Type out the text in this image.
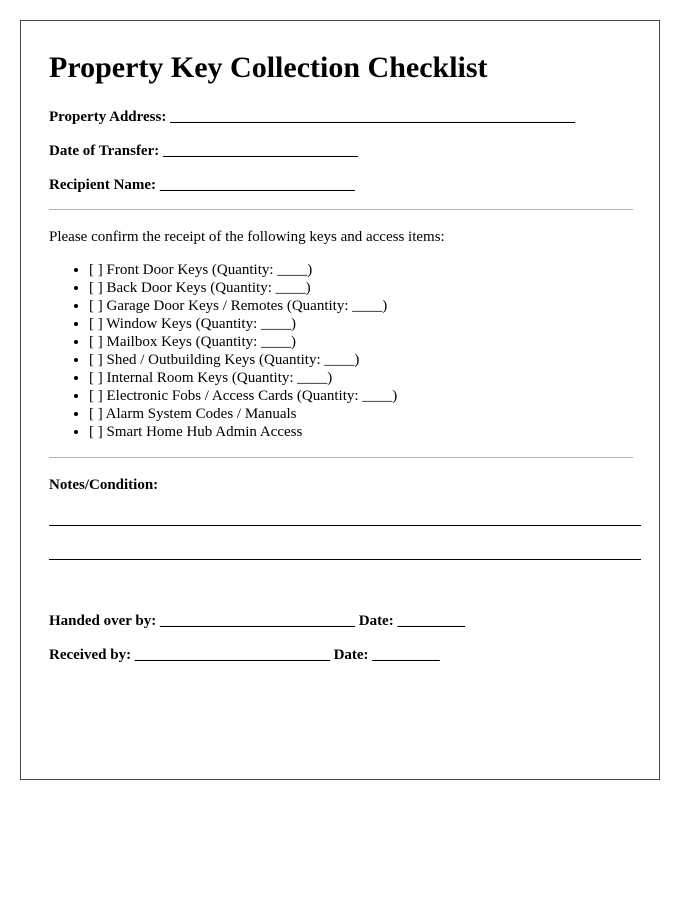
Property Key Collection Checklist
Property Address: ______________________________________________________
Date of Transfer: __________________________
Recipient Name: __________________________
Please confirm the receipt of the following keys and access items:
• [ ] Front Door Keys (Quantity: ____)
• [ ] Back Door Keys (Quantity: ____)
• [ ] Garage Door Keys / Remotes (Quantity: ____)
• [ ] Window Keys (Quantity: ____)
• [ ] Mailbox Keys (Quantity: ____)
• [ ] Shed / Outbuilding Keys (Quantity: ____)
• [ ] Internal Room Keys (Quantity: ____)
• [ ] Electronic Fobs / Access Cards (Quantity: ____)
• [ ] Alarm System Codes / Manuals
• [ ] Smart Home Hub Admin Access
Notes/Condition:
Handed over by: __________________________ Date: _________
Received by: __________________________ Date: _________
